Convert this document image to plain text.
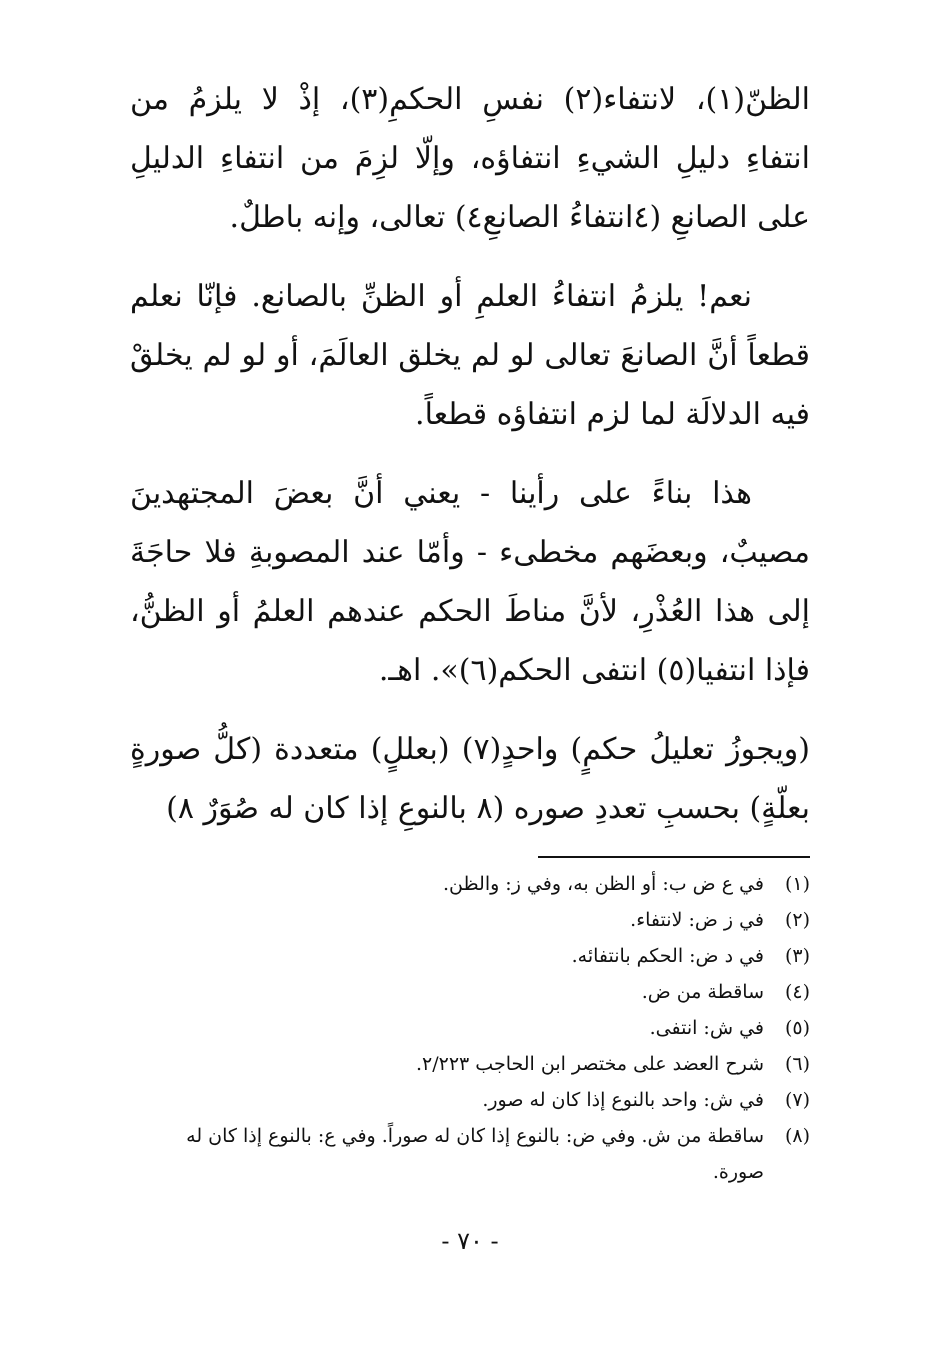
الظنّ(١)، لانتفاء(٢) نفسِ الحكمِ(٣)، إذْ لا يلزمُ من انتفاءِ دليلِ الشيءِ انتفاؤه، وإلّا لزِمَ من انتفاءِ الدليلِ على الصانعِ (٤انتفاءُ الصانعِ٤) تعالى، وإنه باطلٌ.

نعم! يلزمُ انتفاءُ العلمِ أو الظنِّ بالصانع. فإنّا نعلم قطعاً أنَّ الصانعَ تعالى لو لم يخلق العالَمَ، أو لو لم يخلقْ فيه الدلالَة لما لزم انتفاؤه قطعاً.

هذا بناءً على رأينا - يعني أنَّ بعضَ المجتهدينَ مصيبٌ، وبعضَهم مخطىء - وأمّا عند المصوبةِ فلا حاجَةَ إلى هذا العُذْرِ، لأنَّ مناطَ الحكم عندهم العلمُ أو الظنُّ، فإذا انتفيا(٥) انتفى الحكم(٦)». اهـ.

(ويجوزُ تعليلُ حكمٍ) واحدٍ(٧) (بعللٍ) متعددة (كلُّ صورةٍ بعلّةٍ) بحسبِ تعددِ صوره (٨ بالنوعِ إذا كان له صُوَرٌ ٨)

(١)
في ع ض ب: أو الظن به، وفي ز: والظن.
(٢)
في ز ض: لانتفاء.
(٣)
في د ض: الحكم بانتفائه.
(٤)
ساقطة من ض.
(٥)
في ش: انتفى.
(٦)
شرح العضد على مختصر ابن الحاجب ٢/٢٢٣.
(٧)
في ش: واحد بالنوع إذا كان له صور.
(٨)
ساقطة من ش. وفي ض: بالنوع إذا كان له صوراً. وفي ع: بالنوع إذا كان له صورة.
- ٧٠ -
